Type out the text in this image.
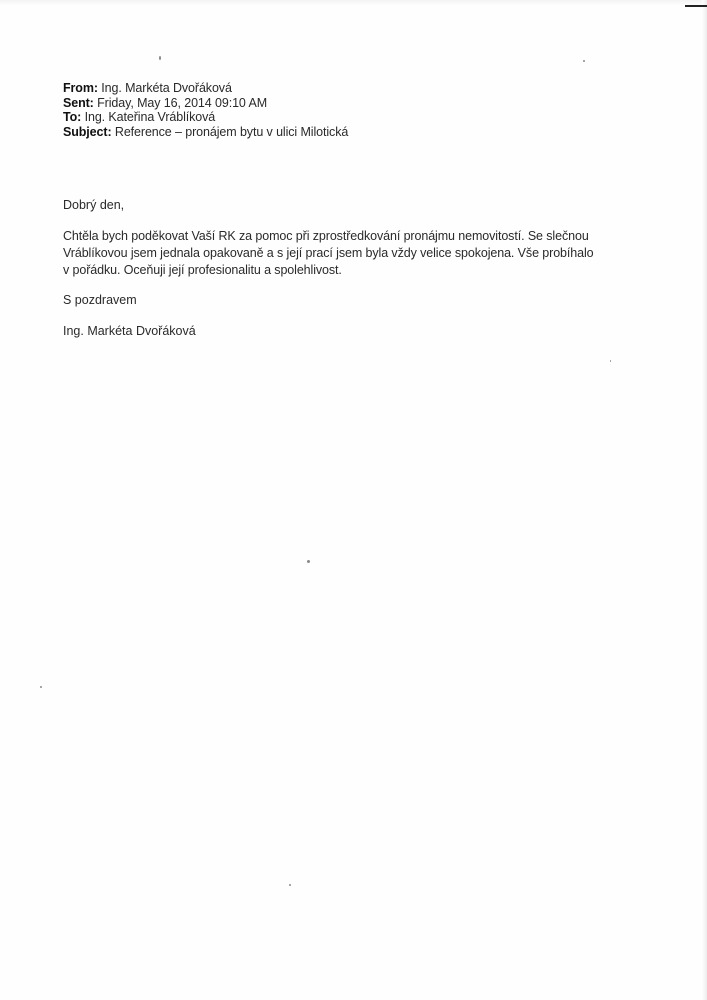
From: Ing. Markéta Dvořáková
Sent: Friday, May 16, 2014 09:10 AM
To: Ing. Kateřina Vráblíková
Subject: Reference – pronájem bytu v ulici Milotická
Dobrý den,
Chtěla bych poděkovat Vaší RK za pomoc při zprostředkování pronájmu nemovitostí. Se slečnou
Vráblíkovou jsem jednala opakovaně a s její prací jsem byla vždy velice spokojena. Vše probíhalo
v pořádku. Oceňuji její profesionalitu a spolehlivost.
S pozdravem
Ing. Markéta Dvořáková
